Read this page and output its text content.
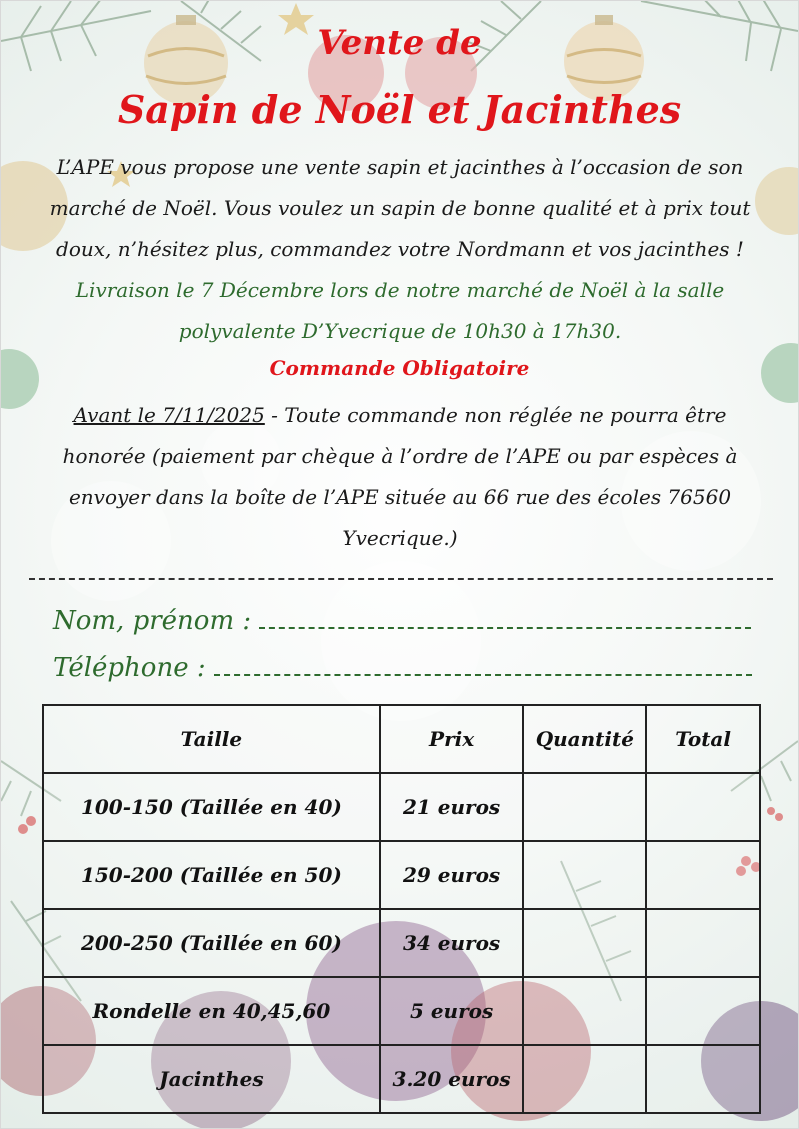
Vente de
Sapin de Noël et Jacinthes

L’APE vous propose une vente sapin et jacinthes à l’occasion de son
marché de Noël. Vous voulez un sapin de bonne qualité et à prix tout
doux, n’hésitez plus, commandez votre Nordmann et vos jacinthes !

Livraison le 7 Décembre lors de notre marché de Noël à la salle
polyvalente D’Yvecrique de 10h30 à 17h30.

Commande Obligatoire

Avant le 7/11/2025 - Toute commande non réglée ne pourra être
honorée (paiement par chèque à l’ordre de l’APE ou par espèces à
envoyer dans la boîte de l’APE située au 66 rue des écoles 76560
Yvecrique.)

Nom, prénom :
Téléphone :
Taille	Prix	Quantité	Total
100-150 (Taillée en 40)	21 euros		
150-200 (Taillée en 50)	29 euros		
200-250 (Taillée en 60)	34 euros		
Rondelle en 40,45,60	5 euros		
Jacinthes	3.20 euros		
